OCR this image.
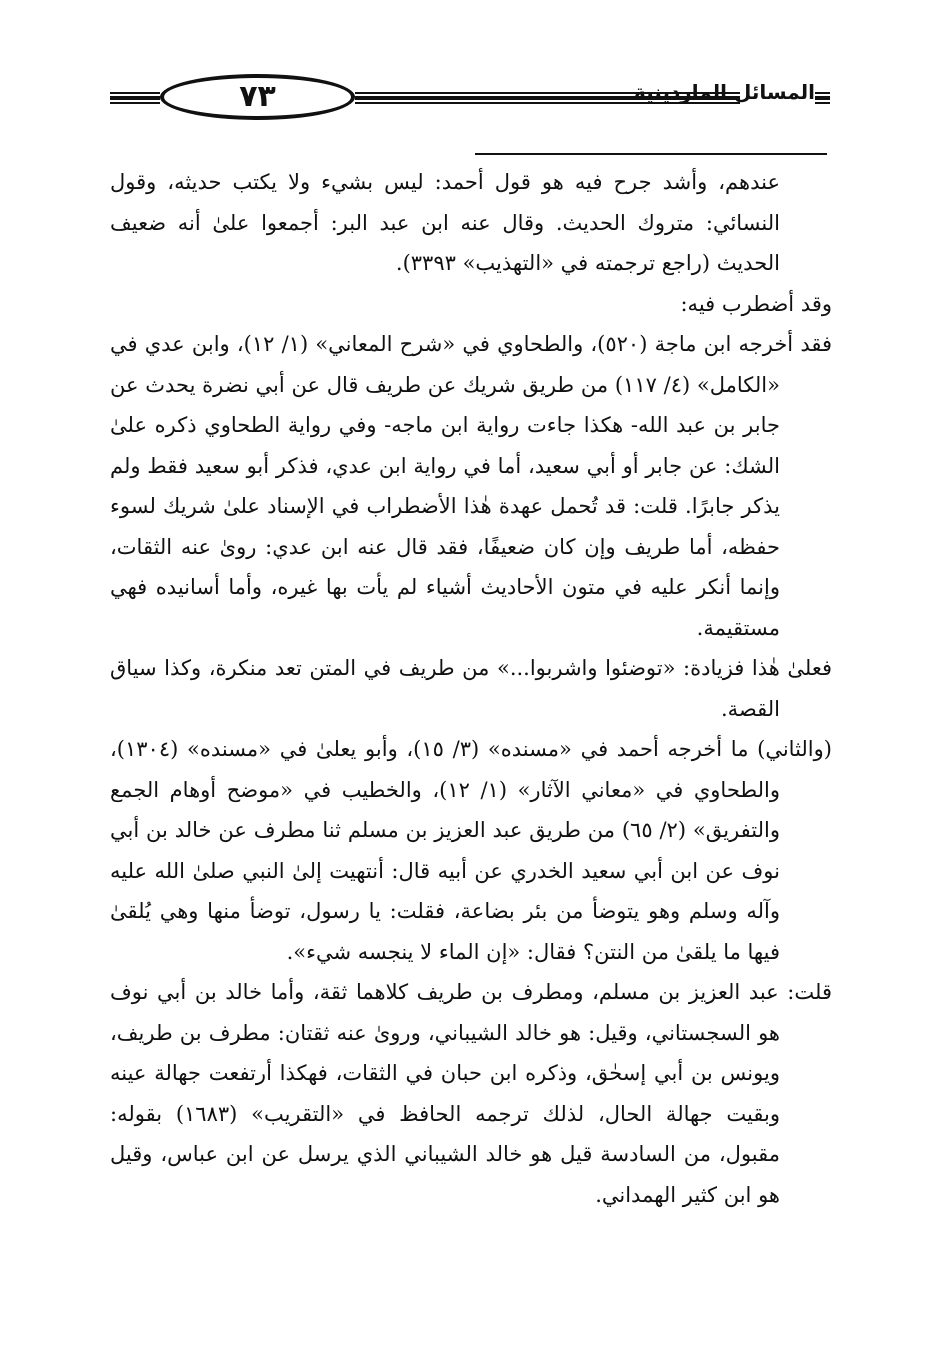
٧٣	المسائل الماردينية

عندهم، وأشد جرح فيه هو قول أحمد: ليس بشيء ولا يكتب حديثه، وقول النسائي: متروك الحديث. وقال عنه ابن عبد البر: أجمعوا علىٰ أنه ضعيف الحديث (راجع ترجمته في «التهذيب» ٣٣٩٣).

وقد أضطرب فيه:

فقد أخرجه ابن ماجة (٥٢٠)، والطحاوي في «شرح المعاني» (١/ ١٢)، وابن عدي في «الكامل» (٤/ ١١٧) من طريق شريك عن طريف قال عن أبي نضرة يحدث عن جابر بن عبد الله- هكذا جاءت رواية ابن ماجه- وفي رواية الطحاوي ذكره علىٰ الشك: عن جابر أو أبي سعيد، أما في رواية ابن عدي، فذكر أبو سعيد فقط ولم يذكر جابرًا. قلت: قد تُحمل عهدة هٰذا الأضطراب في الإسناد علىٰ شريك لسوء حفظه، أما طريف وإن كان ضعيفًا، فقد قال عنه ابن عدي: روىٰ عنه الثقات، وإنما أنكر عليه في متون الأحاديث أشياء لم يأت بها غيره، وأما أسانيده فهي مستقيمة.

فعلىٰ هٰذا فزيادة: «توضئوا واشربوا...» من طريف في المتن تعد منكرة، وكذا سياق القصة.

(والثاني) ما أخرجه أحمد في «مسنده» (٣/ ١٥)، وأبو يعلىٰ في «مسنده» (١٣٠٤)، والطحاوي في «معاني الآثار» (١/ ١٢)، والخطيب في «موضح أوهام الجمع والتفريق» (٢/ ٦٥) من طريق عبد العزيز بن مسلم ثنا مطرف عن خالد بن أبي نوف عن ابن أبي سعيد الخدري عن أبيه قال: أنتهيت إلىٰ النبي صلىٰ الله عليه وآله وسلم وهو يتوضأ من بئر بضاعة، فقلت: يا رسول، توضأ منها وهي يُلقىٰ فيها ما يلقىٰ من النتن؟ فقال: «إن الماء لا ينجسه شيء».

قلت: عبد العزيز بن مسلم، ومطرف بن طريف كلاهما ثقة، وأما خالد بن أبي نوف هو السجستاني، وقيل: هو خالد الشيباني، وروىٰ عنه ثقتان: مطرف بن طريف، ويونس بن أبي إسحٰق، وذكره ابن حبان في الثقات، فهكذا أرتفعت جهالة عينه وبقيت جهالة الحال، لذلك ترجمه الحافظ في «التقريب» (١٦٨٣) بقوله: مقبول، من السادسة قيل هو خالد الشيباني الذي يرسل عن ابن عباس، وقيل هو ابن كثير الهمداني.
